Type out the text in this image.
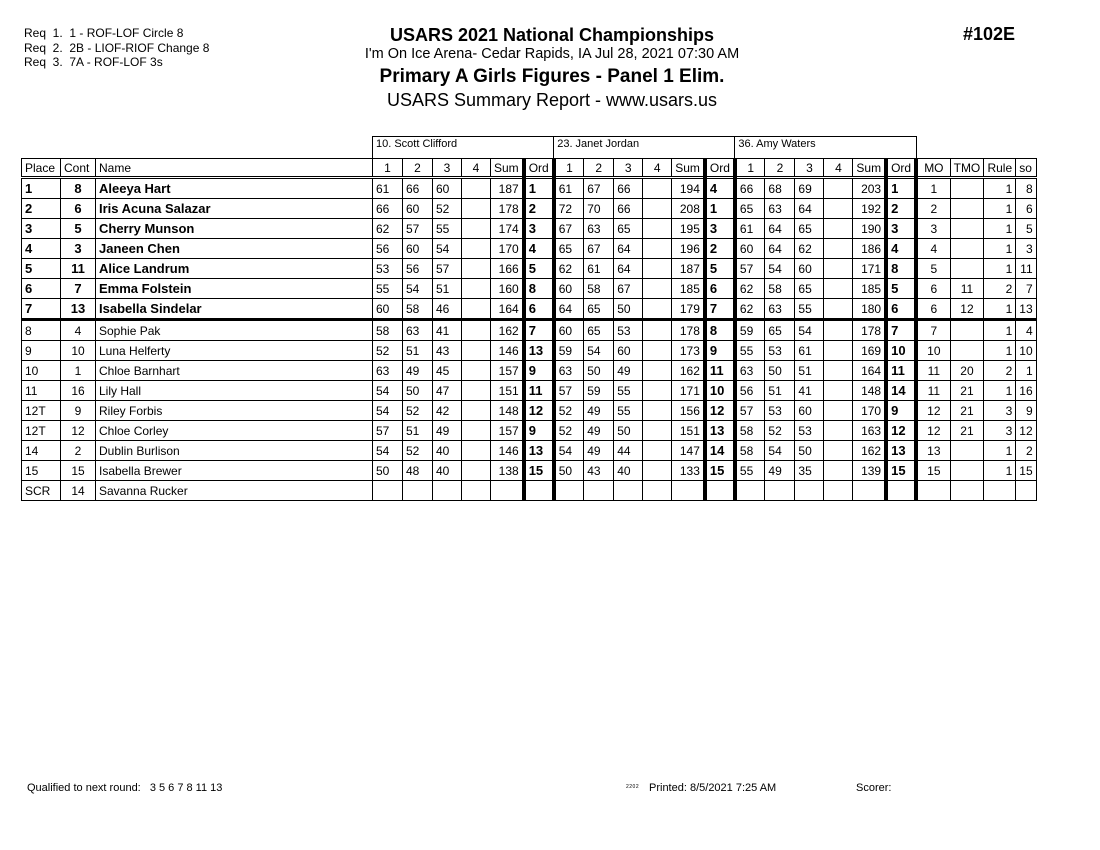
Req  1.  1 - ROF-LOF Circle 8
Req  2.  2B - LIOF-RIOF Change 8
Req  3.  7A - ROF-LOF 3s
USARS 2021 National Championships
I'm On Ice Arena- Cedar Rapids, IA Jul 28, 2021 07:30 AM
Primary A Girls Figures - Panel 1 Elim.
USARS Summary Report - www.usars.us
#102E
			10. Scott Clifford						23. Janet Jordan						36. Amy Waters									
Place	Cont	Name	1	2	3	4	Sum	Ord	1	2	3	4	Sum	Ord	1	2	3	4	Sum	Ord	MO	TMO	Rule	so
1	8	Aleeya Hart	61	66	60		187	1	61	67	66		194	4	66	68	69		203	1	1		1	8
2	6	Iris Acuna Salazar	66	60	52		178	2	72	70	66		208	1	65	63	64		192	2	2		1	6
3	5	Cherry Munson	62	57	55		174	3	67	63	65		195	3	61	64	65		190	3	3		1	5
4	3	Janeen Chen	56	60	54		170	4	65	67	64		196	2	60	64	62		186	4	4		1	3
5	11	Alice Landrum	53	56	57		166	5	62	61	64		187	5	57	54	60		171	8	5		1	11
6	7	Emma Folstein	55	54	51		160	8	60	58	67		185	6	62	58	65		185	5	6	11	2	7
7	13	Isabella Sindelar	60	58	46		164	6	64	65	50		179	7	62	63	55		180	6	6	12	1	13
8	4	Sophie Pak	58	63	41		162	7	60	65	53		178	8	59	65	54		178	7	7		1	4
9	10	Luna Helferty	52	51	43		146	13	59	54	60		173	9	55	53	61		169	10	10		1	10
10	1	Chloe Barnhart	63	49	45		157	9	63	50	49		162	11	63	50	51		164	11	11	20	2	1
11	16	Lily Hall	54	50	47		151	11	57	59	55		171	10	56	51	41		148	14	11	21	1	16
12T	9	Riley Forbis	54	52	42		148	12	52	49	55		156	12	57	53	60		170	9	12	21	3	9
12T	12	Chloe Corley	57	51	49		157	9	52	49	50		151	13	58	52	53		163	12	12	21	3	12
14	2	Dublin Burlison	54	52	40		146	13	54	49	44		147	14	58	54	50		162	13	13		1	2
15	15	Isabella Brewer	50	48	40		138	15	50	43	40		133	15	55	49	35		139	15	15		1	15
SCR	14	Savanna Rucker																						
Qualified to next round: 3 5 6 7 8 11 13	2202 Printed: 8/5/2021 7:25 AM	Scorer:
